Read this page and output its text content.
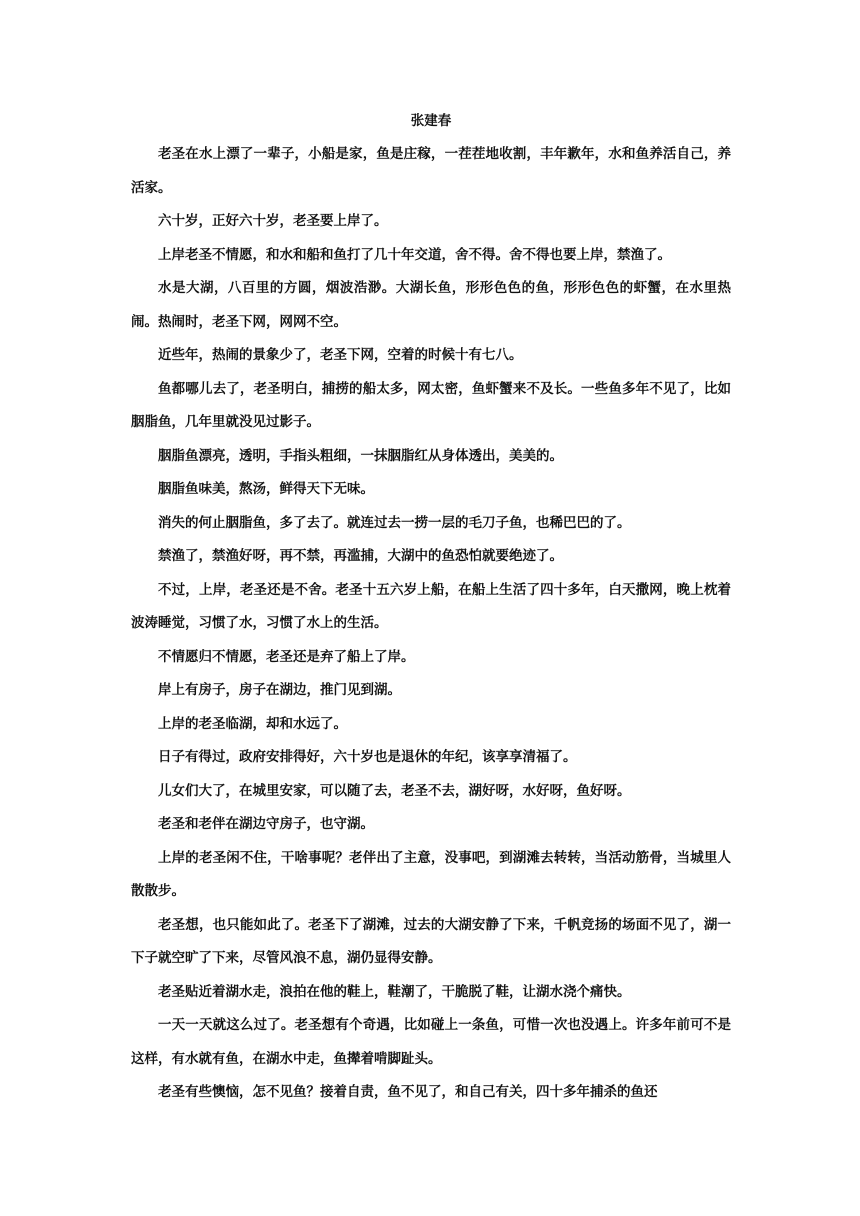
张建春

老圣在水上漂了一辈子，小船是家，鱼是庄稼，一茬茬地收割，丰年歉年，水和鱼养活自己，养活家。

六十岁，正好六十岁，老圣要上岸了。

上岸老圣不情愿，和水和船和鱼打了几十年交道，舍不得。舍不得也要上岸，禁渔了。

水是大湖，八百里的方圆，烟波浩渺。大湖长鱼，形形色色的鱼，形形色色的虾蟹，在水里热闹。热闹时，老圣下网，网网不空。

近些年，热闹的景象少了，老圣下网，空着的时候十有七八。

鱼都哪儿去了，老圣明白，捕捞的船太多，网太密，鱼虾蟹来不及长。一些鱼多年不见了，比如胭脂鱼，几年里就没见过影子。

胭脂鱼漂亮，透明，手指头粗细，一抹胭脂红从身体透出，美美的。

胭脂鱼味美，熬汤，鲜得天下无味。

消失的何止胭脂鱼，多了去了。就连过去一捞一层的毛刀子鱼，也稀巴巴的了。

禁渔了，禁渔好呀，再不禁，再滥捕，大湖中的鱼恐怕就要绝迹了。

不过，上岸，老圣还是不舍。老圣十五六岁上船，在船上生活了四十多年，白天撒网，晚上枕着波涛睡觉，习惯了水，习惯了水上的生活。

不情愿归不情愿，老圣还是弃了船上了岸。

岸上有房子，房子在湖边，推门见到湖。

上岸的老圣临湖，却和水远了。

日子有得过，政府安排得好，六十岁也是退休的年纪，该享享清福了。

儿女们大了，在城里安家，可以随了去，老圣不去，湖好呀，水好呀，鱼好呀。

老圣和老伴在湖边守房子，也守湖。

上岸的老圣闲不住，干啥事呢？老伴出了主意，没事吧，到湖滩去转转，当活动筋骨，当城里人散散步。

老圣想，也只能如此了。老圣下了湖滩，过去的大湖安静了下来，千帆竞扬的场面不见了，湖一下子就空旷了下来，尽管风浪不息，湖仍显得安静。

老圣贴近着湖水走，浪拍在他的鞋上，鞋潮了，干脆脱了鞋，让湖水浇个痛快。

一天一天就这么过了。老圣想有个奇遇，比如碰上一条鱼，可惜一次也没遇上。许多年前可不是这样，有水就有鱼，在湖水中走，鱼撵着啃脚趾头。

老圣有些懊恼，怎不见鱼？接着自责，鱼不见了，和自己有关，四十多年捕杀的鱼还
